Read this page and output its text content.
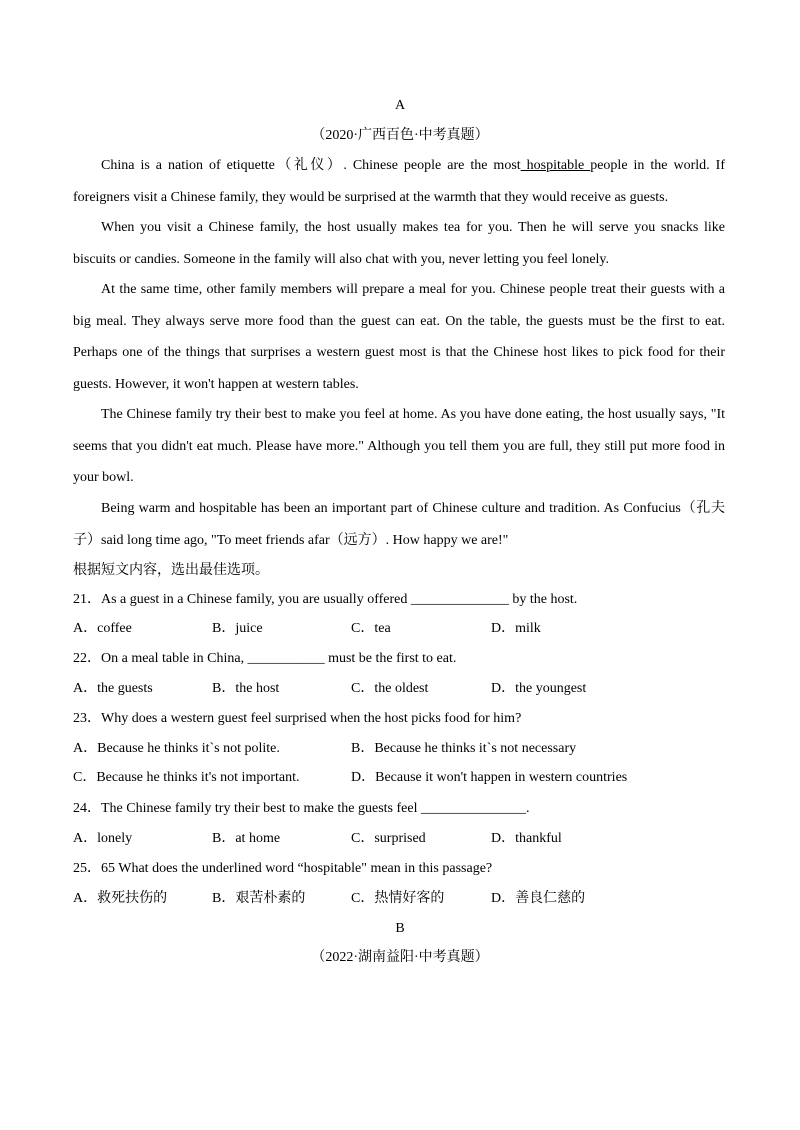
A
（2020·广西百色·中考真题）
China is a nation of etiquette（礼仪）. Chinese people are the most hospitable people in the world. If foreigners visit a Chinese family, they would be surprised at the warmth that they would receive as guests.
When you visit a Chinese family, the host usually makes tea for you. Then he will serve you snacks like biscuits or candies. Someone in the family will also chat with you, never letting you feel lonely.
At the same time, other family members will prepare a meal for you. Chinese people treat their guests with a big meal. They always serve more food than the guest can eat. On the table, the guests must be the first to eat. Perhaps one of the things that surprises a western guest most is that the Chinese host likes to pick food for their guests. However, it won't happen at western tables.
The Chinese family try their best to make you feel at home. As you have done eating, the host usually says, "It seems that you didn't eat much. Please have more." Although you tell them you are full, they still put more food in your bowl.
Being warm and hospitable has been an important part of Chinese culture and tradition. As Confucius（孔夫子）said long time ago, "To meet friends afar（远方）. How happy we are!"
根据短文内容，选出最佳选项。
21．As a guest in a Chinese family, you are usually offered ______________ by the host.
A．coffee	B．juice	C．tea	D．milk
22．On a meal table in China, ___________ must be the first to eat.
A．the guests	B．the host	C．the oldest	D．the youngest
23．Why does a western guest feel surprised when the host picks food for him?
A．Because he thinks it`s not polite.	B．Because he thinks it`s not necessary
C．Because he thinks it's not important.	D．Because it won't happen in western countries
24．The Chinese family try their best to make the guests feel _______________.
A．lonely	B．at home	C．surprised	D．thankful
25．65 What does the underlined word “hospitable" mean in this passage?
A．救死扶伤的	B．艰苦朴素的	C．热情好客的	D．善良仁慈的
B
（2022·湖南益阳·中考真题）
